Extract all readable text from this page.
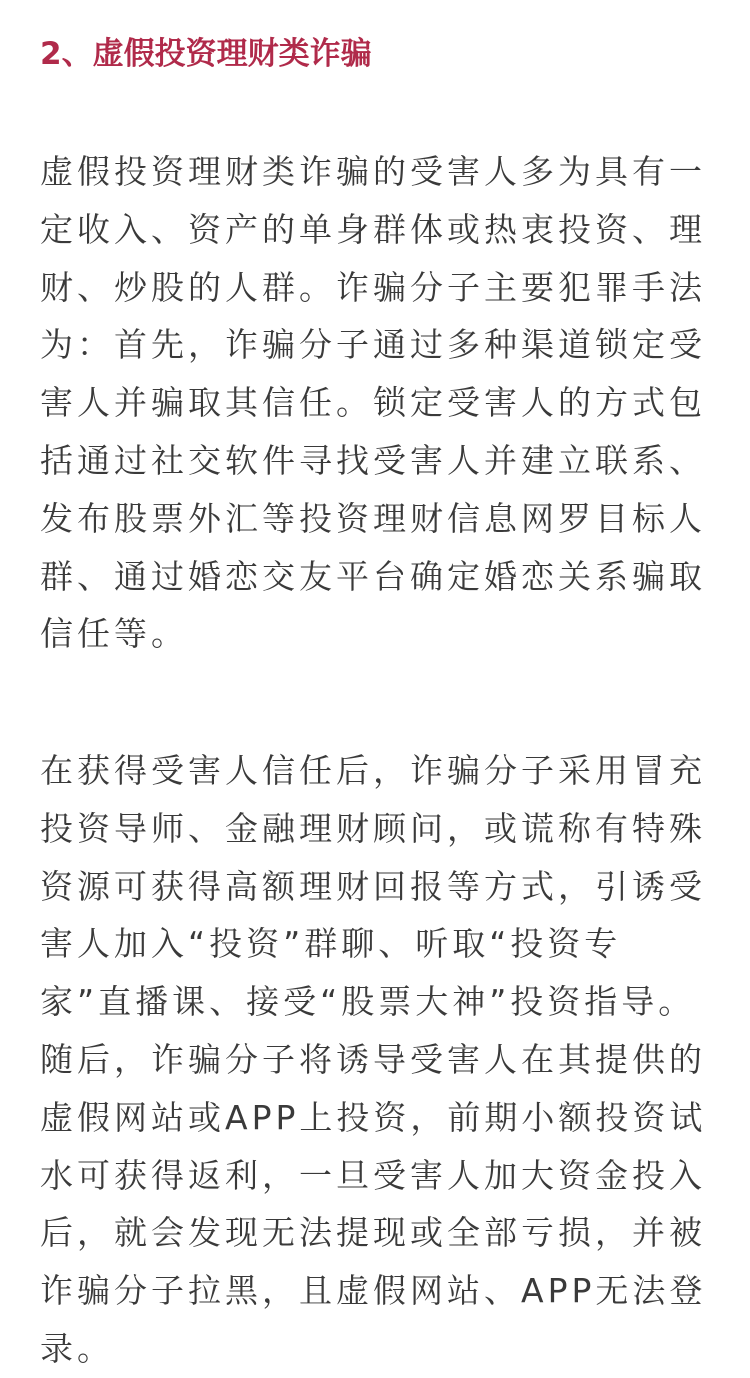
2、虚假投资理财类诈骗

虚假投资理财类诈骗的受害人多为具有一定收入、资产的单身群体或热衷投资、理财、炒股的人群。诈骗分子主要犯罪手法为：首先，诈骗分子通过多种渠道锁定受害人并骗取其信任。锁定受害人的方式包括通过社交软件寻找受害人并建立联系、发布股票外汇等投资理财信息网罗目标人群、通过婚恋交友平台确定婚恋关系骗取信任等。

在获得受害人信任后，诈骗分子采用冒充投资导师、金融理财顾问，或谎称有特殊资源可获得高额理财回报等方式，引诱受害人加入“投资”群聊、听取“投资专家”直播课、接受“股票大神”投资指导。随后，诈骗分子将诱导受害人在其提供的虚假网站或APP上投资，前期小额投资试水可获得返利，一旦受害人加大资金投入后，就会发现无法提现或全部亏损，并被诈骗分子拉黑，且虚假网站、APP无法登录。
